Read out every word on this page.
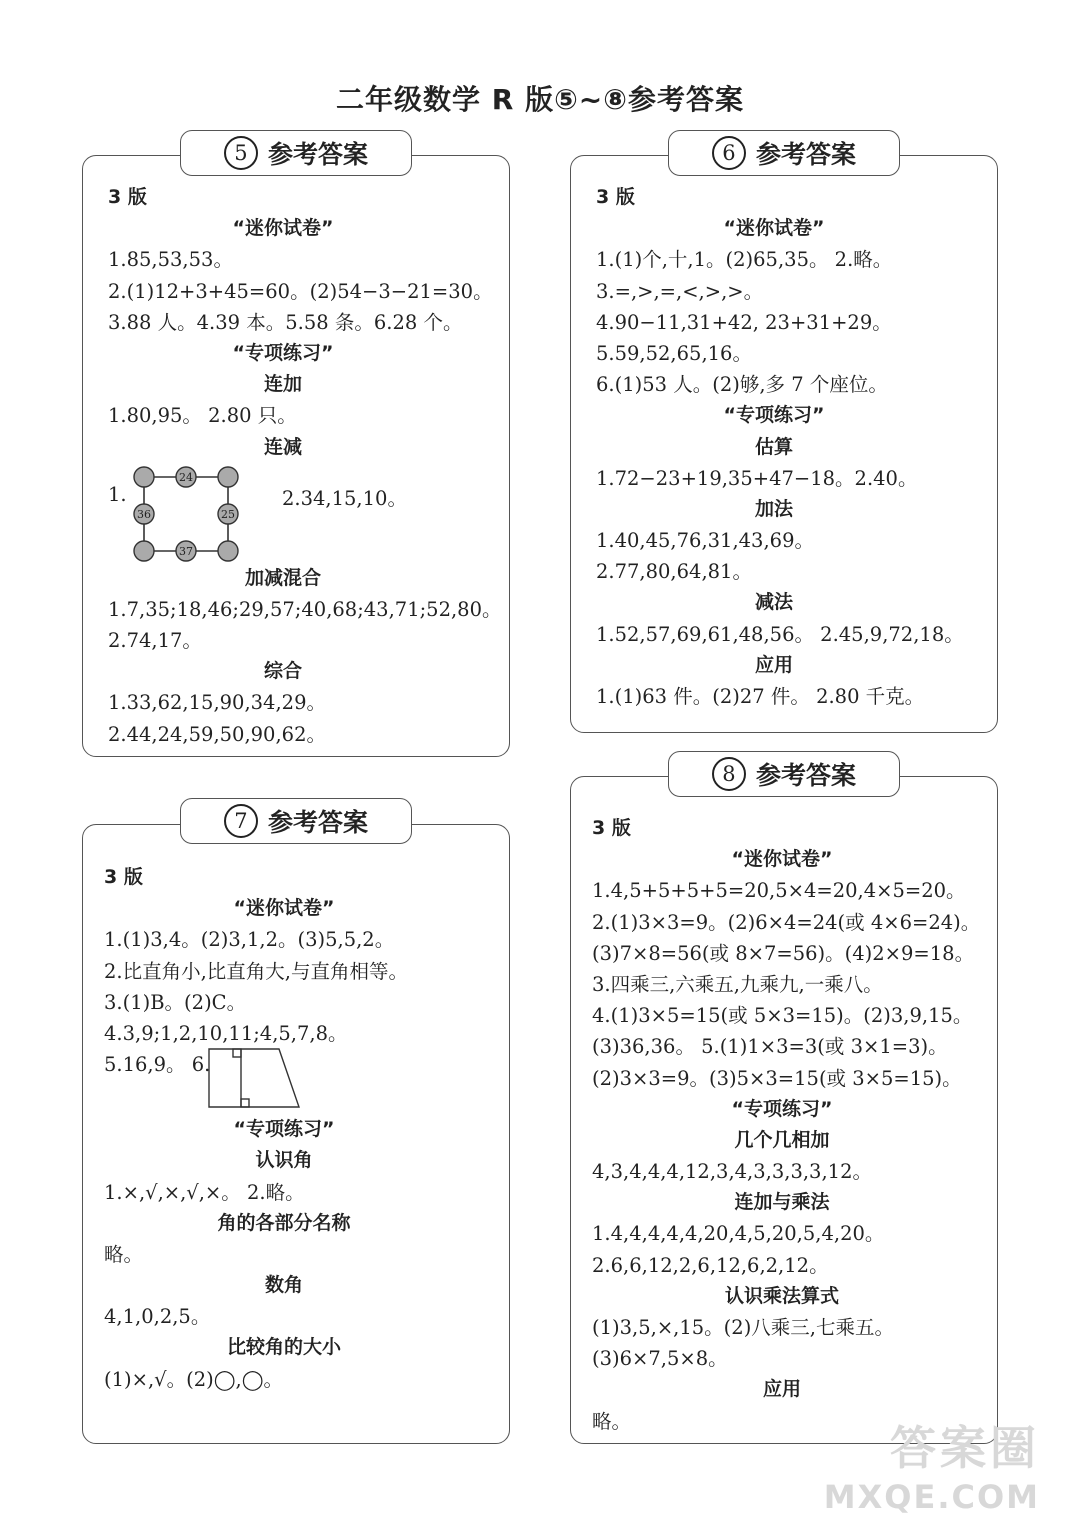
二年级数学 R 版⑤~⑧参考答案
5 参考答案
3 版
“迷你试卷”
1.85,53,53。
2.(1)12+3+45=60。(2)54−3−21=30。
3.88 人。4.39 本。5.58 条。6.28 个。
“专项练习”
连加
1.80,95。 2.80 只。
连减
1.
24
36	25
37
2.34,15,10。
加减混合
1.7,35;18,46;29,57;40,68;43,71;52,80。
2.74,17。
综合
1.33,62,15,90,34,29。
2.44,24,59,50,90,62。
6 参考答案
3 版
“迷你试卷”
1.(1)个,十,1。(2)65,35。 2.略。
3.=,>,=,<,>,>。
4.90−11,31+42, 23+31+29。
5.59,52,65,16。
6.(1)53 人。(2)够,多 7 个座位。
“专项练习”
估算
1.72−23+19,35+47−18。2.40。
加法
1.40,45,76,31,43,69。
2.77,80,64,81。
减法
1.52,57,69,61,48,56。 2.45,9,72,18。
应用
1.(1)63 件。(2)27 件。 2.80 千克。
7 参考答案
3 版
“迷你试卷”
1.(1)3,4。(2)3,1,2。(3)5,5,2。
2.比直角小,比直角大,与直角相等。
3.(1)B。(2)C。
4.3,9;1,2,10,11;4,5,7,8。
5.16,9。 6.
“专项练习”
认识角
1.×,√,×,√,×。 2.略。
角的各部分名称
略。
数角
4,1,0,2,5。
比较角的大小
(1)×,√。(2)◯,◯。
8 参考答案
3 版
“迷你试卷”
1.4,5+5+5+5=20,5×4=20,4×5=20。
2.(1)3×3=9。(2)6×4=24(或 4×6=24)。
(3)7×8=56(或 8×7=56)。(4)2×9=18。
3.四乘三,六乘五,九乘九,一乘八。
4.(1)3×5=15(或 5×3=15)。(2)3,9,15。
(3)36,36。 5.(1)1×3=3(或 3×1=3)。
(2)3×3=9。(3)5×3=15(或 3×5=15)。
“专项练习”
几个几相加
4,3,4,4,4,12,3,4,3,3,3,3,12。
连加与乘法
1.4,4,4,4,4,20,4,5,20,5,4,20。
2.6,6,12,2,6,12,6,2,12。
认识乘法算式
(1)3,5,×,15。(2)八乘三,七乘五。
(3)6×7,5×8。
应用
略。	答案圈
MXQE.COM
